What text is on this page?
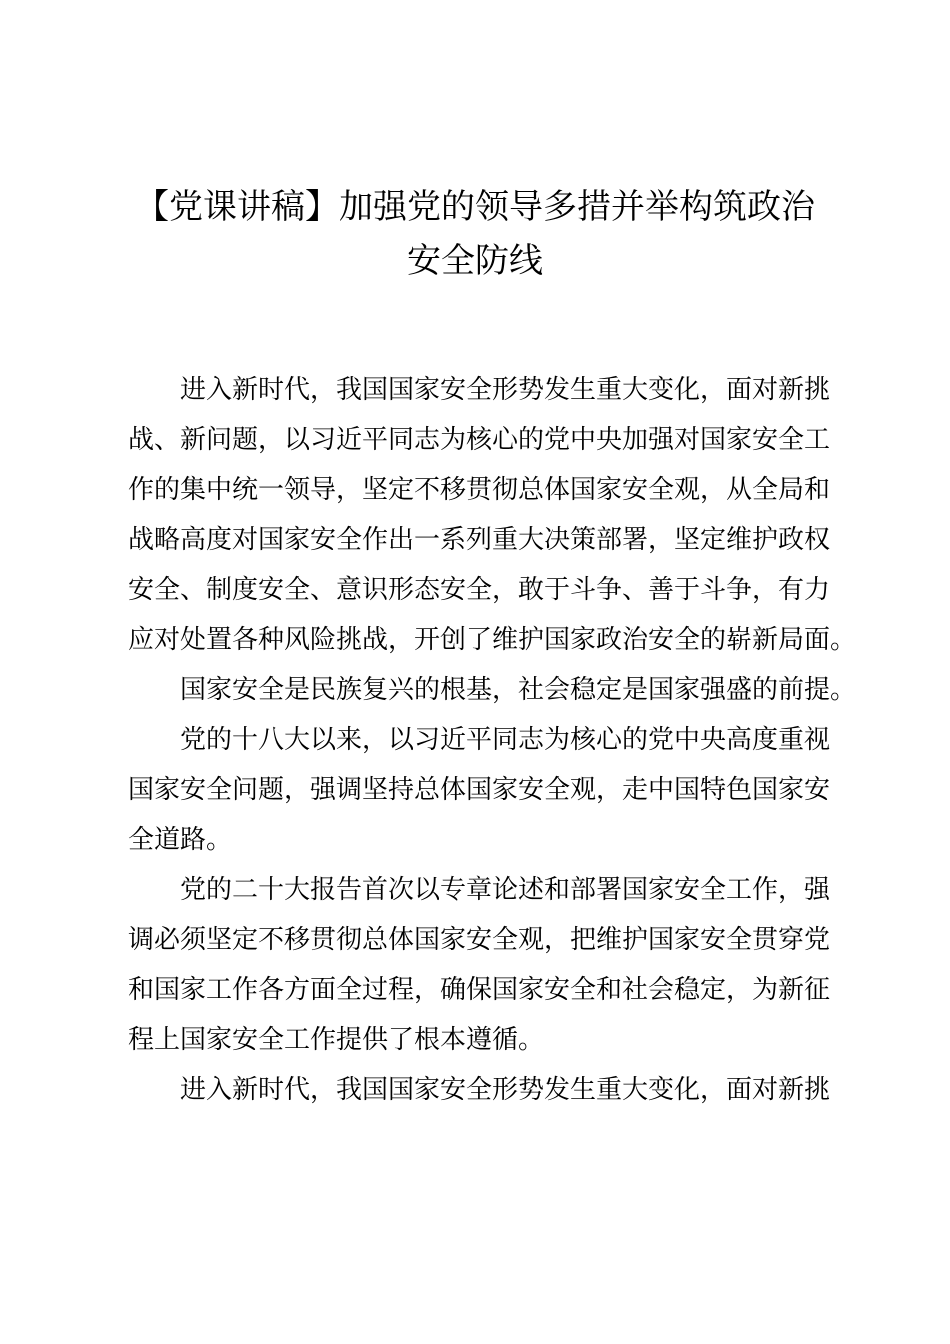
【党课讲稿】加强党的领导多措并举构筑政治
安全防线
进入新时代，我国国家安全形势发生重大变化，面对新挑
战、新问题，以习近平同志为核心的党中央加强对国家安全工
作的集中统一领导，坚定不移贯彻总体国家安全观，从全局和
战略高度对国家安全作出一系列重大决策部署，坚定维护政权
安全、制度安全、意识形态安全，敢于斗争、善于斗争，有力
应对处置各种风险挑战，开创了维护国家政治安全的崭新局面。
国家安全是民族复兴的根基，社会稳定是国家强盛的前提。
党的十八大以来，以习近平同志为核心的党中央高度重视
国家安全问题，强调坚持总体国家安全观，走中国特色国家安
全道路。
党的二十大报告首次以专章论述和部署国家安全工作，强
调必须坚定不移贯彻总体国家安全观，把维护国家安全贯穿党
和国家工作各方面全过程，确保国家安全和社会稳定，为新征
程上国家安全工作提供了根本遵循。
进入新时代，我国国家安全形势发生重大变化，面对新挑
